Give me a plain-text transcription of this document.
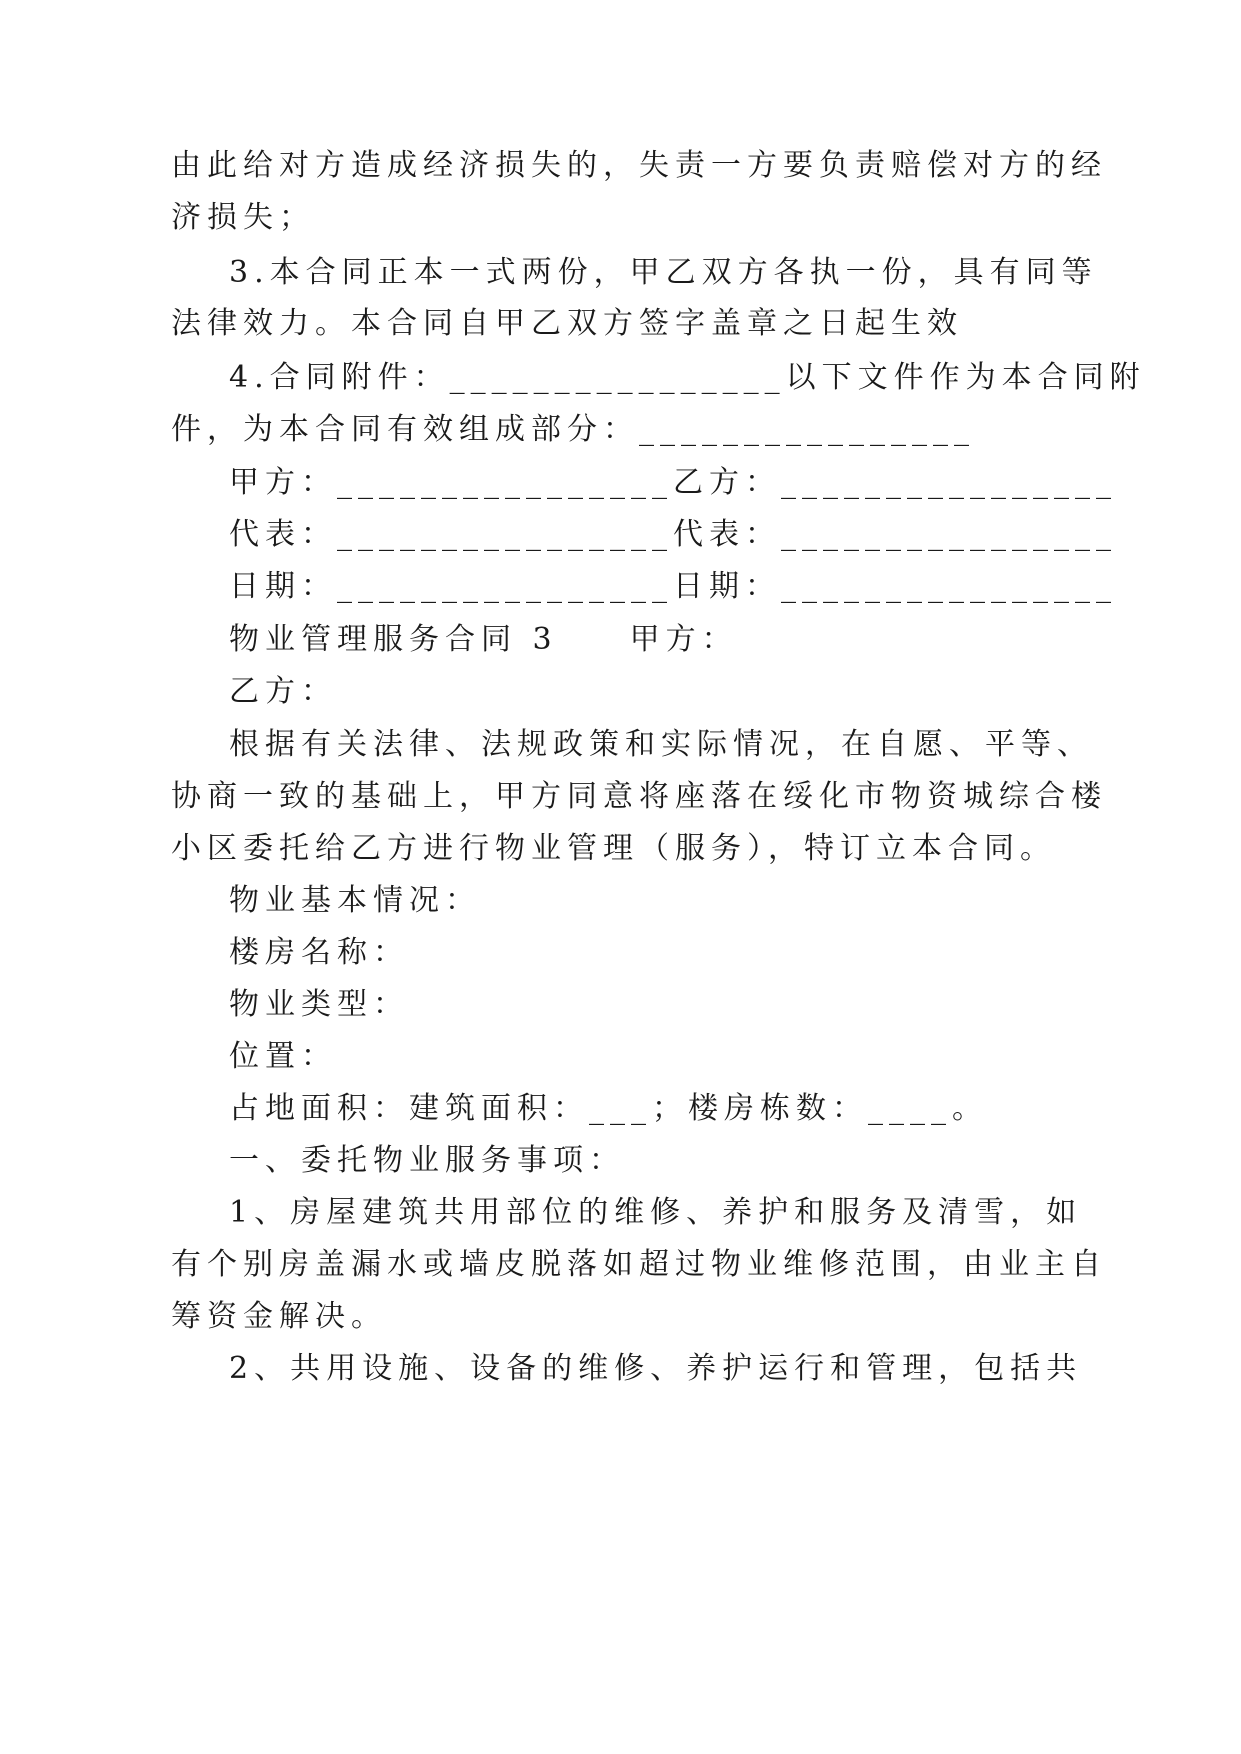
由此给对方造成经济损失的，失责一方要负责赔偿对方的经
济损失；
3.本合同正本一式两份，甲乙双方各执一份，具有同等
法律效力。本合同自甲乙双方签字盖章之日起生效
4.合同附件：________________以下文件作为本合同附
件，为本合同有效组成部分：________________
甲方：________________乙方：________________
代表：________________代表：________________
日期：________________日期：________________
物业管理服务合同 3　　甲方：
乙方：
根据有关法律、法规政策和实际情况，在自愿、平等、
协商一致的基础上，甲方同意将座落在绥化市物资城综合楼
小区委托给乙方进行物业管理（服务），特订立本合同。
物业基本情况：
楼房名称：
物业类型：
位置：
占地面积：建筑面积：___；楼房栋数：____。
一、委托物业服务事项：
1、房屋建筑共用部位的维修、养护和服务及清雪，如
有个别房盖漏水或墙皮脱落如超过物业维修范围，由业主自
筹资金解决。
2、共用设施、设备的维修、养护运行和管理，包括共
